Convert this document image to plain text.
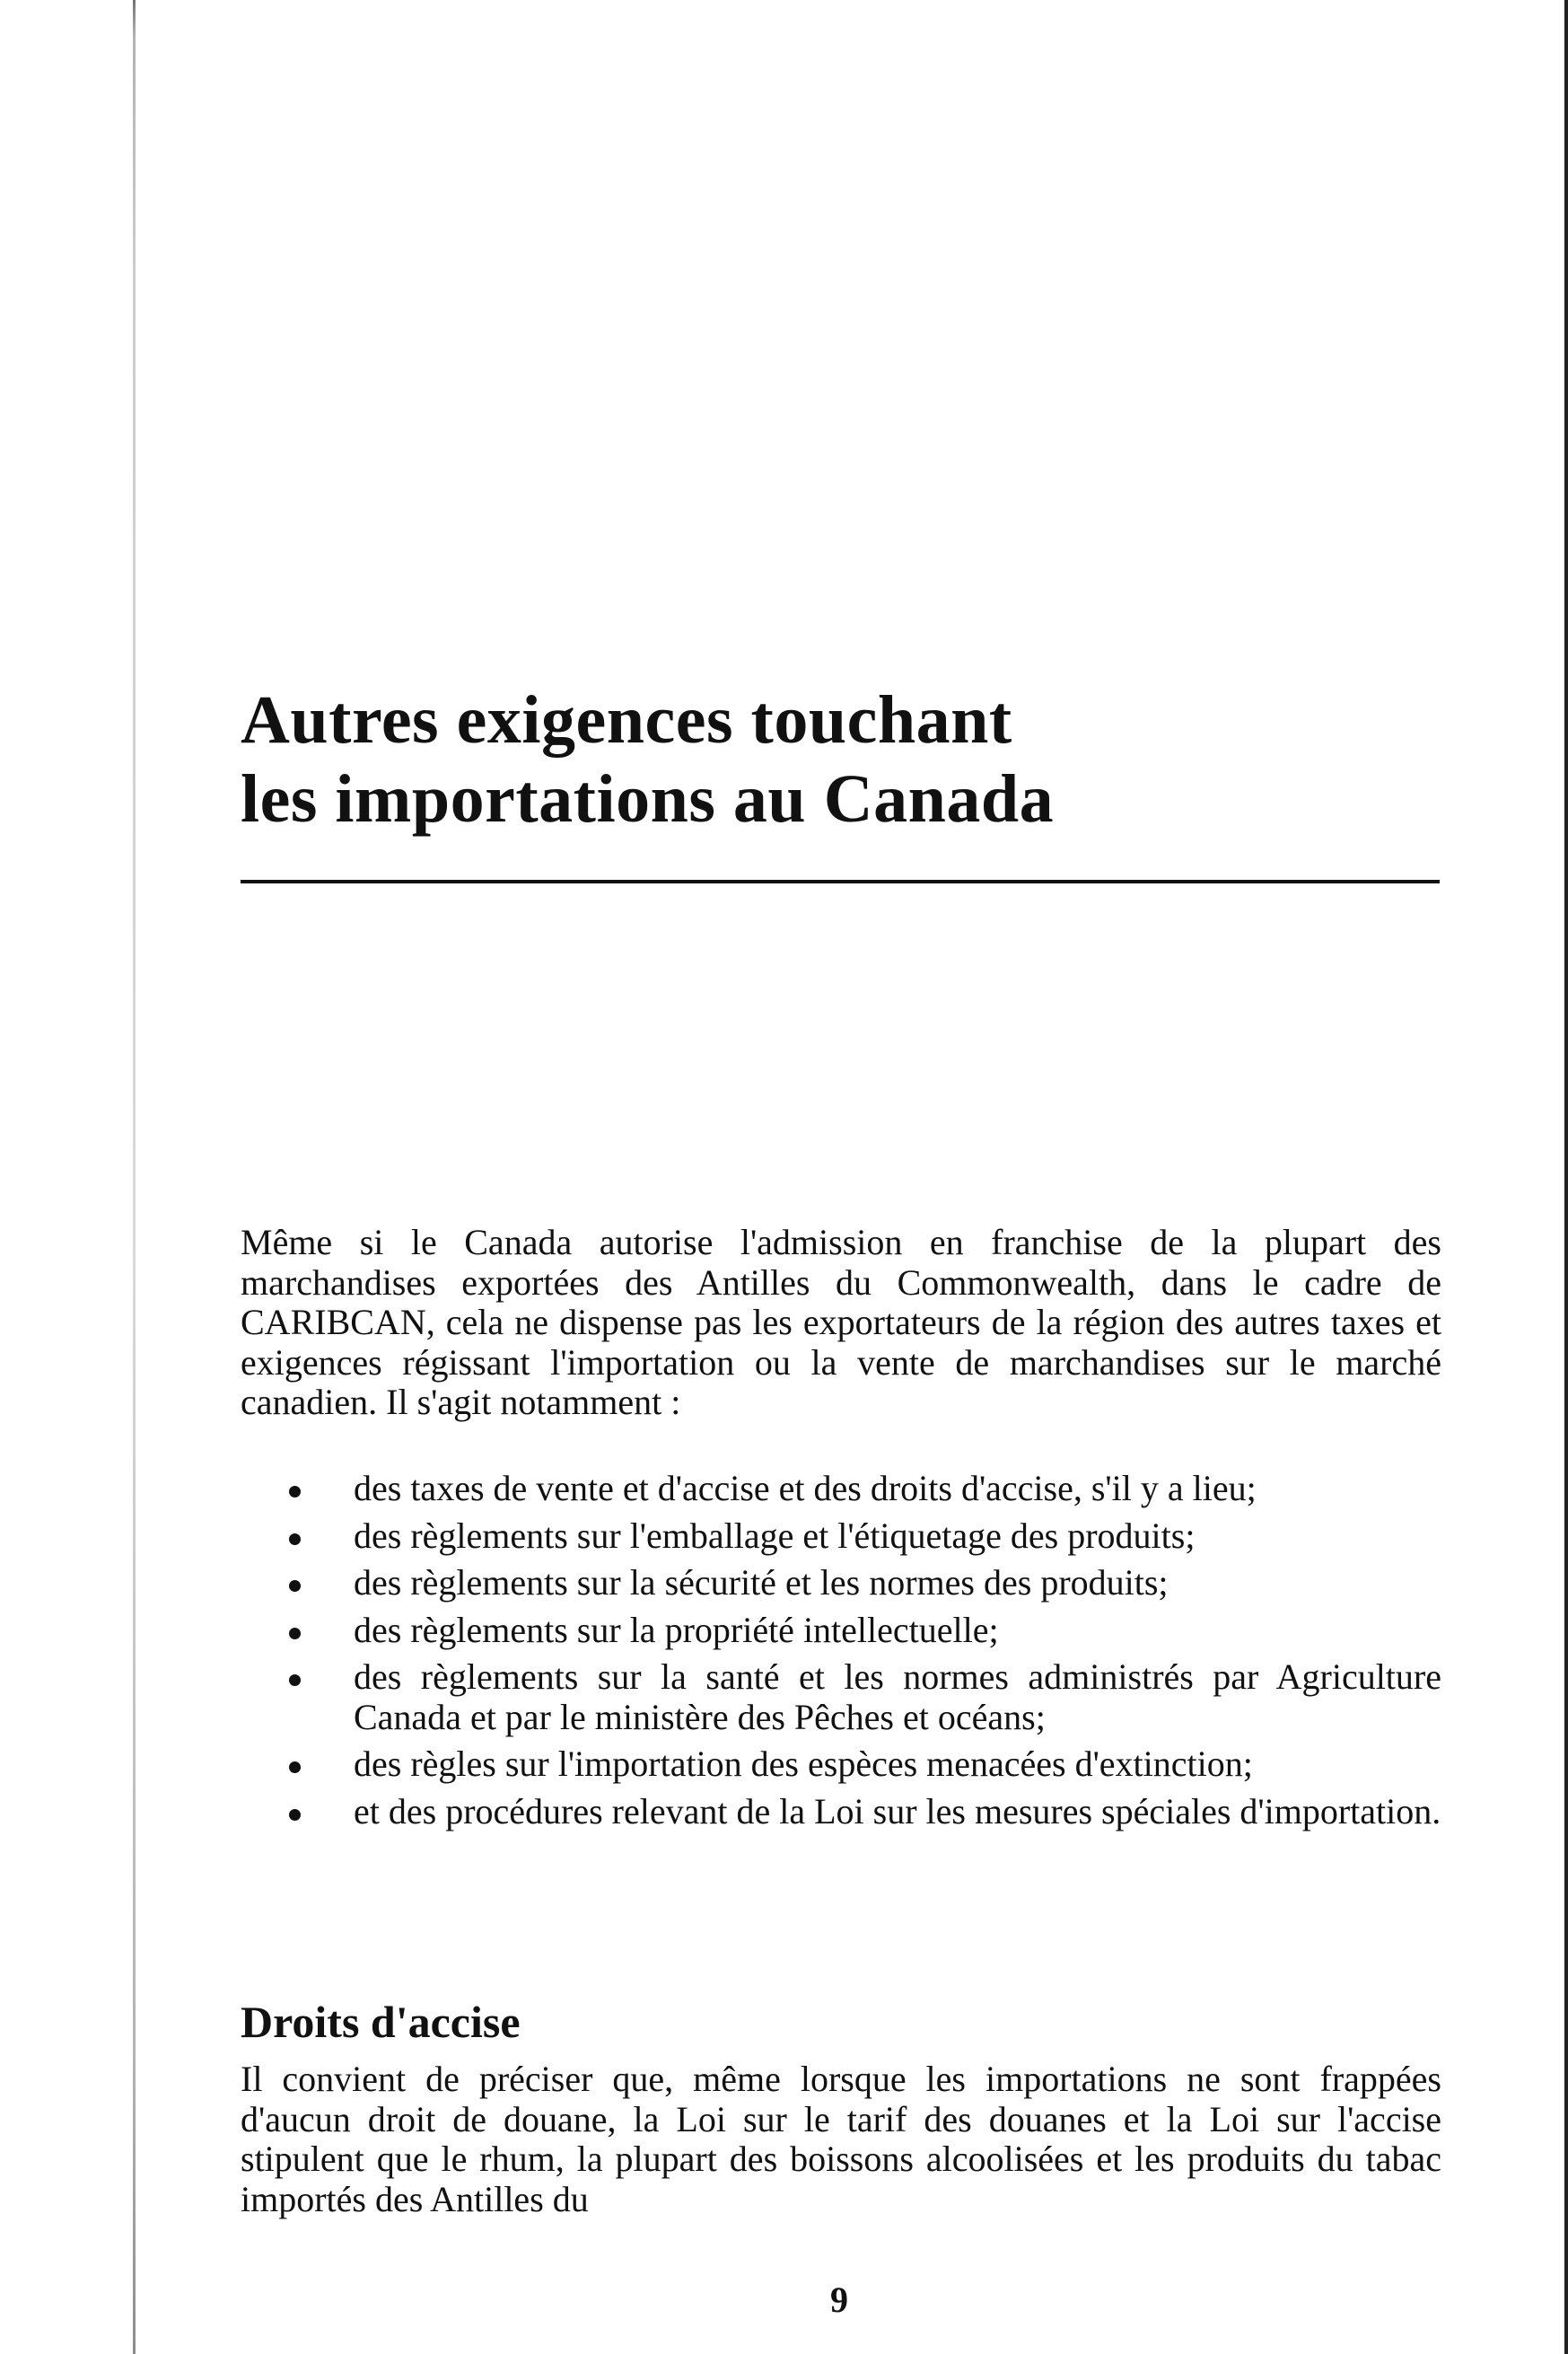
Autres exigences touchant
les importations au Canada

Même si le Canada autorise l'admission en franchise de la plupart des marchandises exportées des Antilles du Commonwealth, dans le cadre de CARIBCAN, cela ne dispense pas les exportateurs de la région des autres taxes et exigences régissant l'importation ou la vente de marchandises sur le marché canadien. Il s'agit notamment :

des taxes de vente et d'accise et des droits d'accise, s'il y a lieu;
des règlements sur l'emballage et l'étiquetage des produits;
des règlements sur la sécurité et les normes des produits;
des règlements sur la propriété intellectuelle;
des règlements sur la santé et les normes administrés par Agriculture Canada et par le ministère des Pêches et océans;
des règles sur l'importation des espèces menacées d'extinction;
et des procédures relevant de la Loi sur les mesures spéciales d'importation.
Droits d'accise

Il convient de préciser que, même lorsque les importations ne sont frappées d'aucun droit de douane, la Loi sur le tarif des douanes et la Loi sur l'accise stipulent que le rhum, la plupart des boissons alcoolisées et les produits du tabac importés des Antilles du

9
